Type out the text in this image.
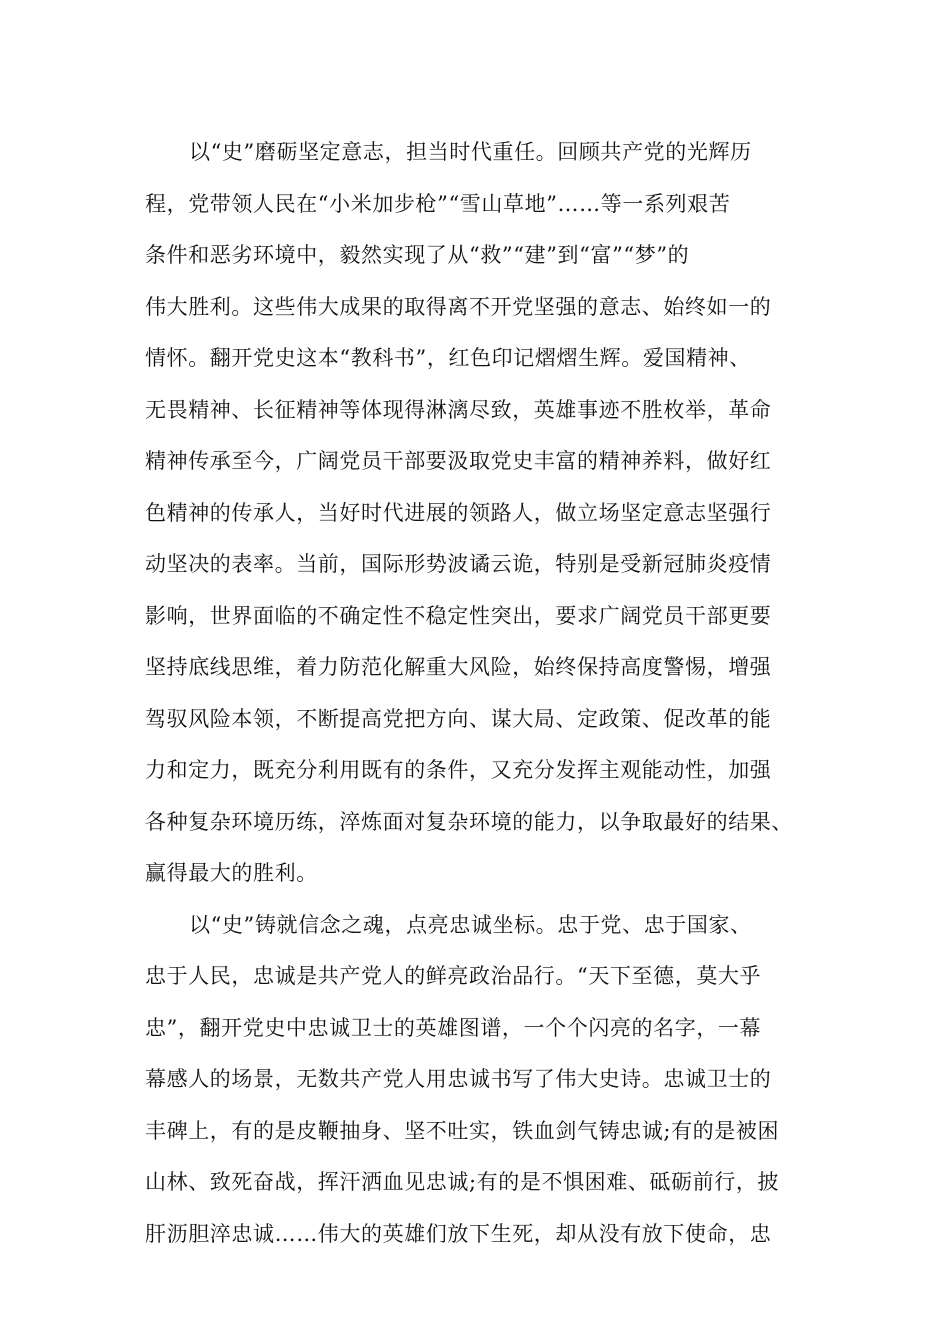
以“史”磨砺坚定意志，担当时代重任。回顾共产党的光辉历
程，党带领人民在“小米加步枪”“雪山草地”……等一系列艰苦
条件和恶劣环境中，毅然实现了从“救”“建”到“富”“梦”的
伟大胜利。这些伟大成果的取得离不开党坚强的意志、始终如一的
情怀。翻开党史这本“教科书”，红色印记熠熠生辉。爱国精神、
无畏精神、长征精神等体现得淋漓尽致，英雄事迹不胜枚举，革命
精神传承至今，广阔党员干部要汲取党史丰富的精神养料，做好红
色精神的传承人，当好时代进展的领路人，做立场坚定意志坚强行
动坚决的表率。当前，国际形势波谲云诡，特别是受新冠肺炎疫情
影响，世界面临的不确定性不稳定性突出，要求广阔党员干部更要
坚持底线思维，着力防范化解重大风险，始终保持高度警惕，增强
驾驭风险本领，不断提高党把方向、谋大局、定政策、促改革的能
力和定力，既充分利用既有的条件，又充分发挥主观能动性，加强
各种复杂环境历练，淬炼面对复杂环境的能力，以争取最好的结果、
赢得最大的胜利。
以“史”铸就信念之魂，点亮忠诚坐标。忠于党、忠于国家、
忠于人民，忠诚是共产党人的鲜亮政治品行。“天下至德，莫大乎
忠”，翻开党史中忠诚卫士的英雄图谱，一个个闪亮的名字，一幕
幕感人的场景，无数共产党人用忠诚书写了伟大史诗。忠诚卫士的
丰碑上，有的是皮鞭抽身、坚不吐实，铁血剑气铸忠诚;有的是被困
山林、致死奋战，挥汗洒血见忠诚;有的是不惧困难、砥砺前行，披
肝沥胆淬忠诚……伟大的英雄们放下生死，却从没有放下使命，忠
